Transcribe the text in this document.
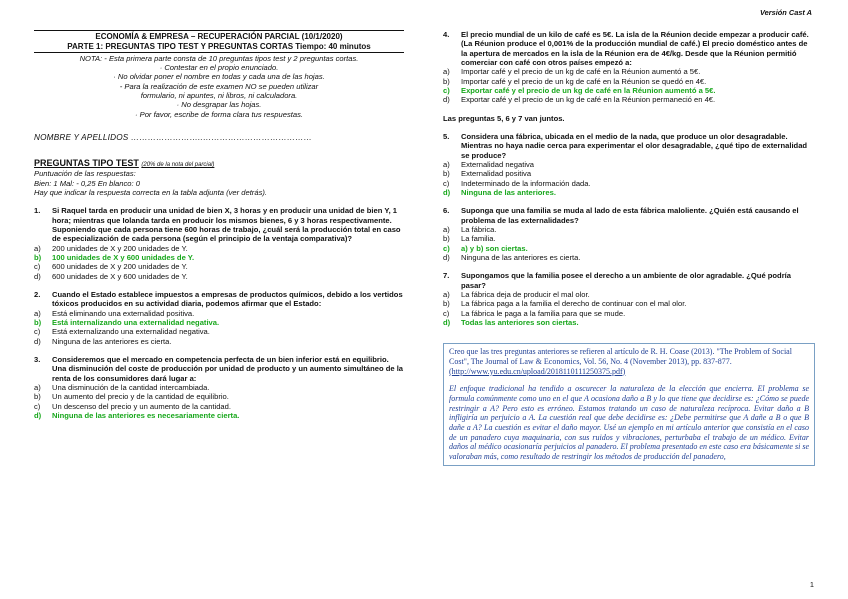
Versión Cast A
ECONOMÍA & EMPRESA – RECUPERACIÓN PARCIAL (10/1/2020)
PARTE 1: PREGUNTAS TIPO TEST Y PREGUNTAS CORTAS Tiempo: 40 minutos
NOTA: - Esta primera parte consta de 10 preguntas tipos test y 2 preguntas cortas.
· Contestar en el propio enunciado.
· No olvidar poner el nombre en todas y cada una de las hojas.
- Para la realización de este examen NO se pueden utilizar
formulario, ni apuntes, ni libros, ni calculadora.
· No desgrapar las hojas.
· Por favor, escribe de forma clara tus respuestas.
NOMBRE Y APELLIDOS ……………………..…………………………………
PREGUNTAS TIPO TEST (20% de la nota del parcial)
Puntuación de las respuestas:
Bien: 1 Mal: - 0,25 En blanco: 0
Hay que indicar la respuesta correcta en la tabla adjunta (ver detrás).
1.	Si Raquel tarda en producir una unidad de bien X, 3 horas y en producir una unidad de bien Y, 1 hora; mientras que Iolanda tarda en producir los mismos bienes, 6 y 3 horas respectivamente. Suponiendo que cada persona tiene 600 horas de trabajo, ¿cuál será la producción total en caso de especialización de cada persona (según el principio de la ventaja comparativa)?
a)	200 unidades de X y 200 unidades de Y.
b)	100 unidades de X y 600 unidades de Y.
c)	600 unidades de X y 200 unidades de Y.
d)	600 unidades de X y 600 unidades de Y.
2.	Cuando el Estado establece impuestos a empresas de productos químicos, debido a los vertidos tóxicos producidos en su actividad diaria, podemos afirmar que el Estado:
a)	Está eliminando una externalidad positiva.
b)	Está internalizando una externalidad negativa.
c)	Está externalizando una externalidad negativa.
d)	Ninguna de las anteriores es cierta.
3.	Consideremos que el mercado en competencia perfecta de un bien inferior está en equilibrio. Una disminución del coste de producción por unidad de producto y un aumento simultáneo de la renta de los consumidores dará lugar a:
a)	Una disminución de la cantidad intercambiada.
b)	Un aumento del precio y de la cantidad de equilibrio.
c)	Un descenso del precio y un aumento de la cantidad.
d)	Ninguna de las anteriores es necesariamente cierta.
4.	El precio mundial de un kilo de café es 5€. La isla de la Réunion decide empezar a producir café. (La Réunion produce el 0,001% de la producción mundial de café.) El precio doméstico antes de la apertura de mercados en la isla de la Réunion era de 4€/kg. Desde que la Réunion permitió comerciar con café con otros países empezó a:
a)	Importar café y el precio de un kg de café en la Réunion aumentó a 5€.
b)	Importar café y el precio de un kg de café en la Réunion se quedó en 4€.
c)	Exportar café y el precio de un kg de café en la Réunion aumentó a 5€.
d)	Exportar café y el precio de un kg de café en la Réunion permaneció en 4€.
Las preguntas 5, 6 y 7 van juntos.
5.	Considera una fábrica, ubicada en el medio de la nada, que produce un olor desagradable. Mientras no haya nadie cerca para experimentar el olor desagradable, ¿qué tipo de externalidad se produce?
a)	Externalidad negativa
b)	Externalidad positiva
c)	Indeterminado de la información dada.
d)	Ninguna de las anteriores.
6.	Suponga que una familia se muda al lado de esta fábrica maloliente. ¿Quién está causando el problema de las externalidades?
a)	La fábrica.
b)	La familia.
c)	a) y b) son ciertas.
d)	Ninguna de las anteriores es cierta.
7.	Supongamos que la familia posee el derecho a un ambiente de olor agradable. ¿Qué podría pasar?
a)	La fábrica deja de producir el mal olor.
b)	La fábrica paga a la familia el derecho de continuar con el mal olor.
c)	La fábrica le paga a la familia para que se mude.
d)	Todas las anteriores son ciertas.
Creo que las tres preguntas anteriores se refieren al artículo de R. H. Coase (2013). "The Problem of Social Cost", The Journal of Law & Economics, Vol. 56, No. 4 (November 2013), pp. 837-877.
(http://www.yu.edu.cn/upload/2018110111250375.pdf)
El enfoque tradicional ha tendido a oscurecer la naturaleza de la elección que encierra. El problema se formula comúnmente como uno en el que A ocasiona daño a B y lo que tiene que decidirse es: ¿Cómo se puede restringir a A? Pero esto es erróneo. Estamos tratando un caso de naturaleza recíproca. Evitar daño a B infligiría un perjuicio a A. La cuestión real que debe decidirse es: ¿Debe permitirse que A dañe a B o que B dañe a A? La cuestión es evitar el daño mayor. Usé un ejemplo en mi artículo anterior que consistía en el caso de un panadero cuya maquinaria, con sus ruidos y vibraciones, perturbaba el trabajo de un médico. Evitar daños al médico ocasionaría perjuicios al panadero. El problema presentado en este caso era básicamente si se valoraban más, como resultado de restringir los métodos de producción del panadero,
1
